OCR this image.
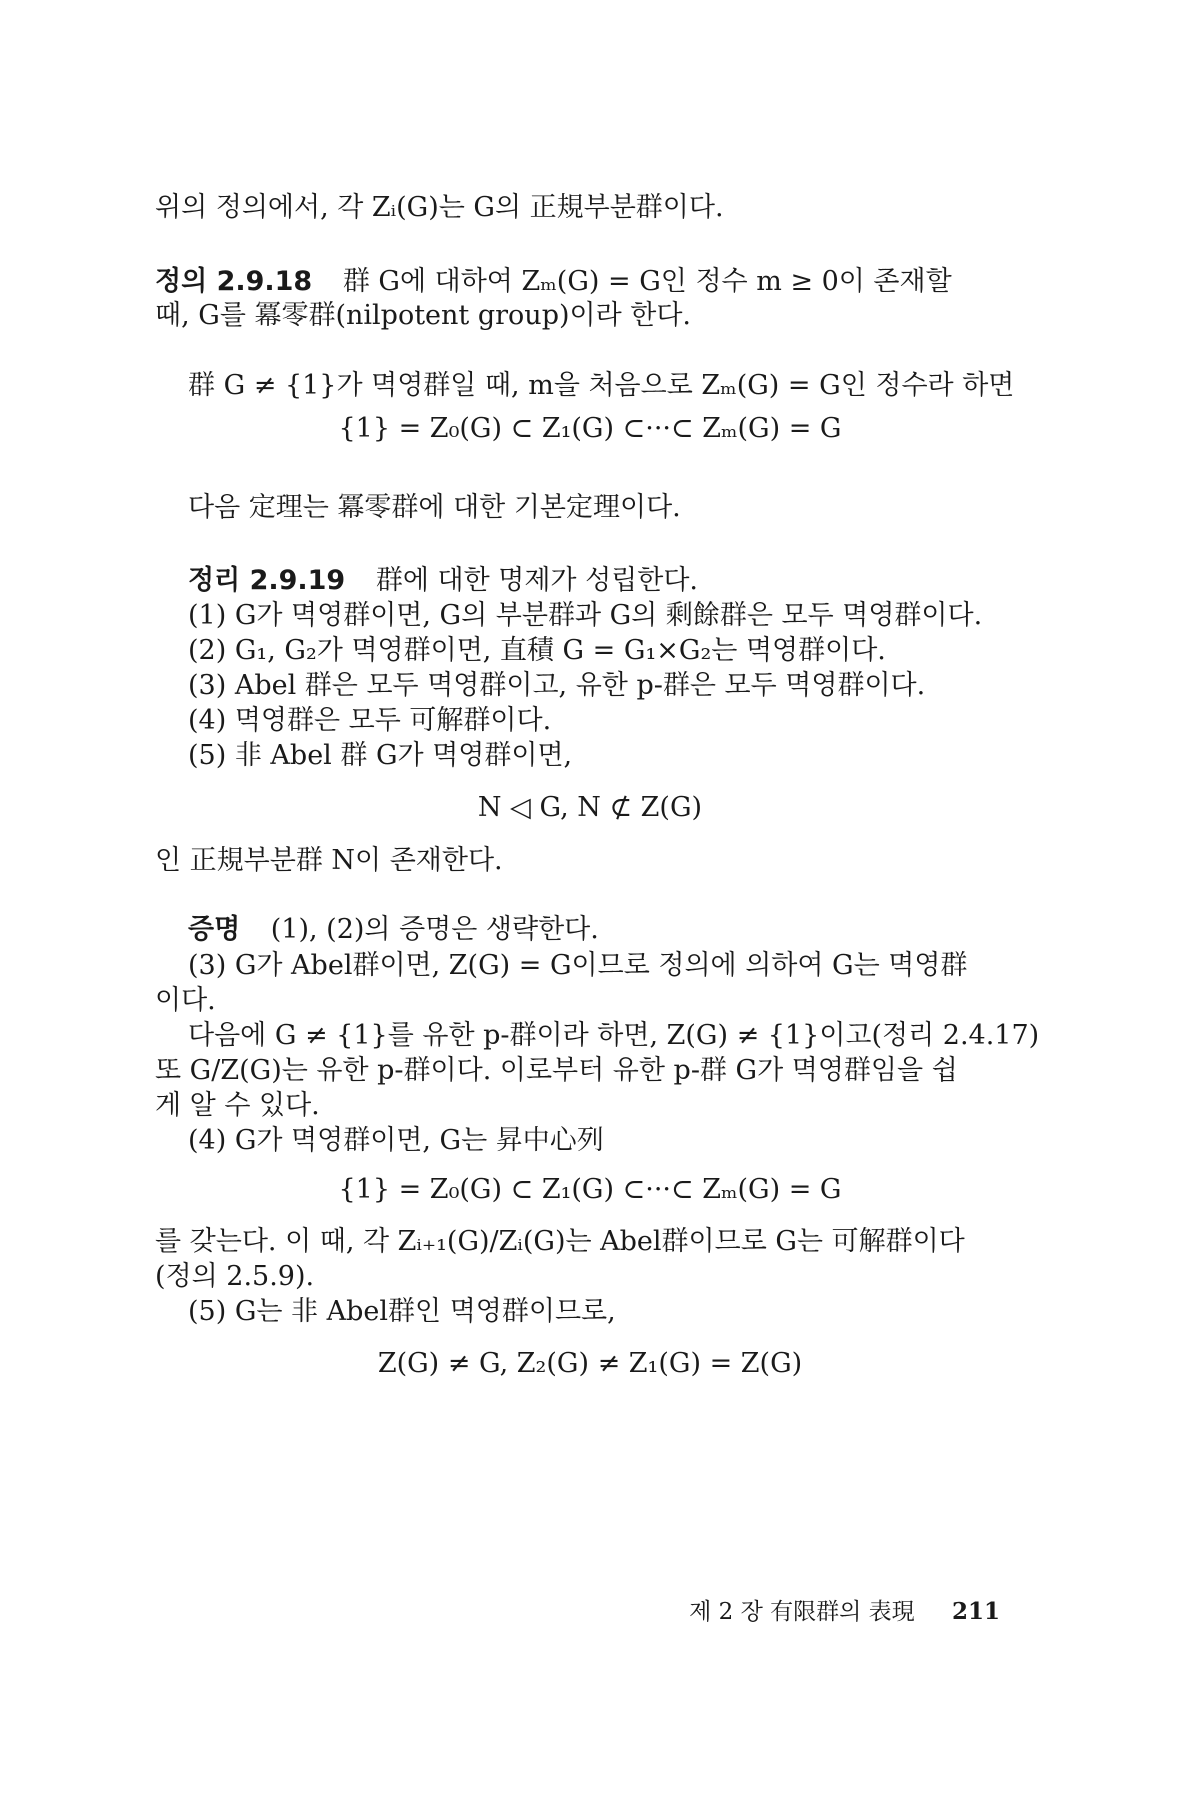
위의 정의에서, 각 Zᵢ(G)는 G의 正規부분群이다.
정의 2.9.18 群 G에 대하여 Zₘ(G) = G인 정수 m ≥ 0이 존재할
때, G를 冪零群(nilpotent group)이라 한다.
群 G ≠ {1}가 멱영群일 때, m을 처음으로 Zₘ(G) = G인 정수라 하면
{1} = Z₀(G) ⊂ Z₁(G) ⊂···⊂ Zₘ(G) = G
다음 定理는 冪零群에 대한 기본定理이다.
정리 2.9.19 群에 대한 명제가 성립한다.
(1) G가 멱영群이면, G의 부분群과 G의 剩餘群은 모두 멱영群이다.
(2) G₁, G₂가 멱영群이면, 直積 G = G₁×G₂는 멱영群이다.
(3) Abel 群은 모두 멱영群이고, 유한 p-群은 모두 멱영群이다.
(4) 멱영群은 모두 可解群이다.
(5) 非 Abel 群 G가 멱영群이면,
N ◁ G, N ⊄ Z(G)
인 正規부분群 N이 존재한다.
증명 (1), (2)의 증명은 생략한다.
(3) G가 Abel群이면, Z(G) = G이므로 정의에 의하여 G는 멱영群
이다.
다음에 G ≠ {1}를 유한 p-群이라 하면, Z(G) ≠ {1}이고(정리 2.4.17)
또 G/Z(G)는 유한 p-群이다. 이로부터 유한 p-群 G가 멱영群임을 쉽
게 알 수 있다.
(4) G가 멱영群이면, G는 昇中心列
{1} = Z₀(G) ⊂ Z₁(G) ⊂···⊂ Zₘ(G) = G
를 갖는다. 이 때, 각 Zᵢ₊₁(G)/Zᵢ(G)는 Abel群이므로 G는 可解群이다
(정의 2.5.9).
(5) G는 非 Abel群인 멱영群이므로,
Z(G) ≠ G, Z₂(G) ≠ Z₁(G) = Z(G)
제 2 장 有限群의 表現 211
